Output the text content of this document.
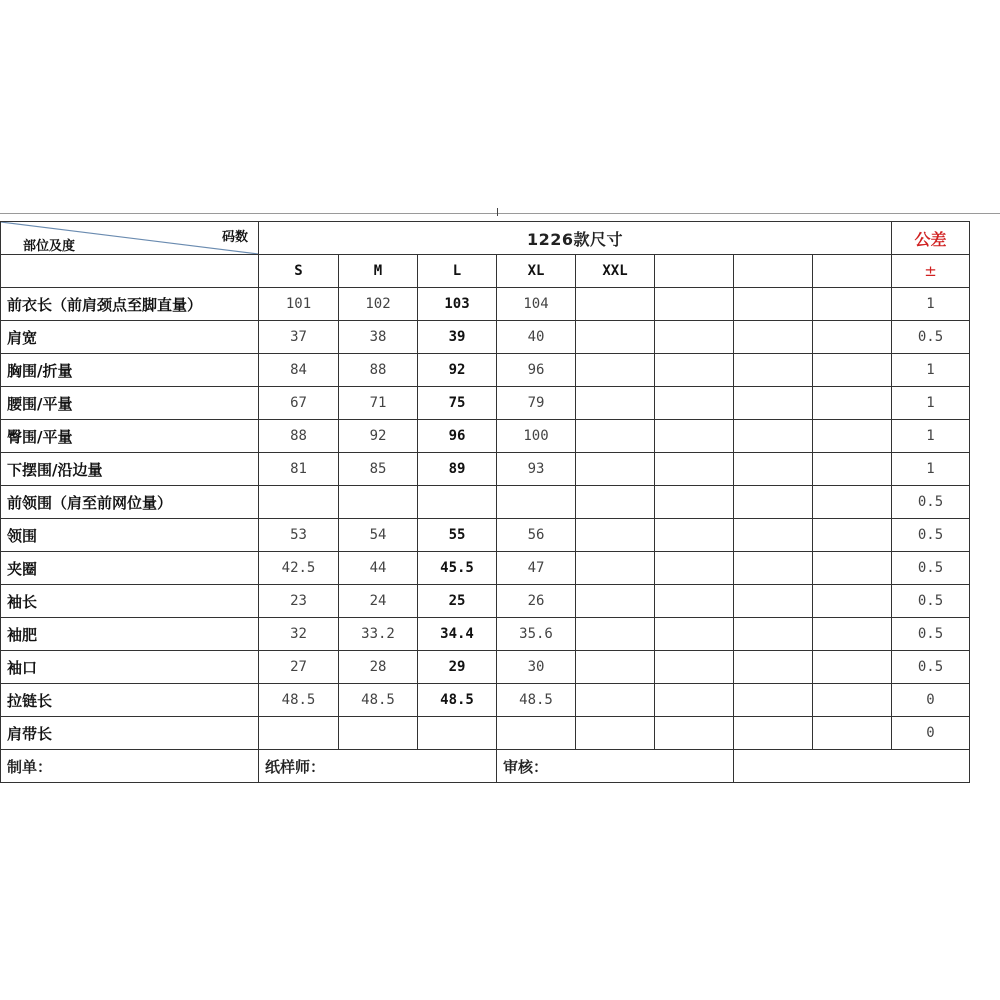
码数
部位及度	1226款尺寸								公差
	S	M	L	XL	XXL				±
前衣长（前肩颈点至脚直量）	101	102	103	104					1
肩宽	37	38	39	40					0.5
胸围/折量	84	88	92	96					1
腰围/平量	67	71	75	79					1
臀围/平量	88	92	96	100					1
下摆围/沿边量	81	85	89	93					1
前领围（肩至前网位量）									0.5
领围	53	54	55	56					0.5
夹圈	42.5	44	45.5	47					0.5
袖长	23	24	25	26					0.5
袖肥	32	33.2	34.4	35.6					0.5
袖口	27	28	29	30					0.5
拉链长	48.5	48.5	48.5	48.5					0
肩带长									0
制单：	纸样师：			审核：					
